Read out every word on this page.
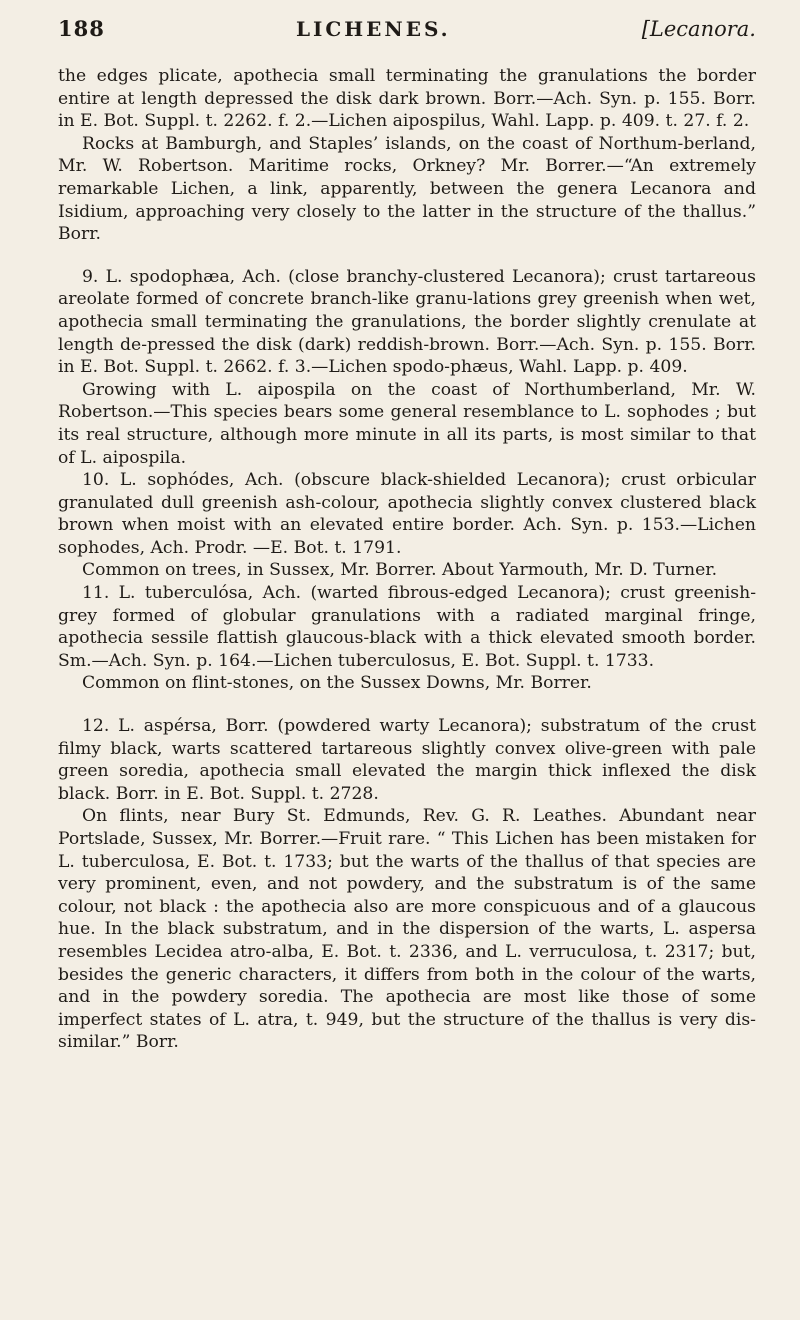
188	LICHENES.	[Lecanora.

the edges plicate, apothecia small terminating the granulations the border entire at length depressed the disk dark brown. Borr.—Ach. Syn. p. 155. Borr. in E. Bot. Suppl. t. 2262. f. 2.—Lichen aipospilus, Wahl. Lapp. p. 409. t. 27. f. 2.

Rocks at Bamburgh, and Staples’ islands, on the coast of Northum-berland, Mr. W. Robertson. Maritime rocks, Orkney? Mr. Borrer.—“An extremely remarkable Lichen, a link, apparently, between the genera Lecanora and Isidium, approaching very closely to the latter in the structure of the thallus.” Borr.

9. L. spodophæa, Ach. (close branchy-clustered Lecanora); crust tartareous areolate formed of concrete branch-like granu-lations grey greenish when wet, apothecia small terminating the granulations, the border slightly crenulate at length de-pressed the disk (dark) reddish-brown. Borr.—Ach. Syn. p. 155. Borr. in E. Bot. Suppl. t. 2662. f. 3.—Lichen spodo-phæus, Wahl. Lapp. p. 409.

Growing with L. aipospila on the coast of Northumberland, Mr. W. Robertson.—This species bears some general resemblance to L. sophodes ; but its real structure, although more minute in all its parts, is most similar to that of L. aipospila.

10. L. sophódes, Ach. (obscure black-shielded Lecanora); crust orbicular granulated dull greenish ash-colour, apothecia slightly convex clustered black brown when moist with an elevated entire border. Ach. Syn. p. 153.—Lichen sophodes, Ach. Prodr. —E. Bot. t. 1791.

Common on trees, in Sussex, Mr. Borrer. About Yarmouth, Mr. D. Turner.

11. L. tuberculósa, Ach. (warted fibrous-edged Lecanora); crust greenish-grey formed of globular granulations with a radiated marginal fringe, apothecia sessile flattish glaucous-black with a thick elevated smooth border. Sm.—Ach. Syn. p. 164.—Lichen tuberculosus, E. Bot. Suppl. t. 1733.

Common on flint-stones, on the Sussex Downs, Mr. Borrer.

12. L. aspérsa, Borr. (powdered warty Lecanora); substratum of the crust filmy black, warts scattered tartareous slightly convex olive-green with pale green soredia, apothecia small elevated the margin thick inflexed the disk black. Borr. in E. Bot. Suppl. t. 2728.

On flints, near Bury St. Edmunds, Rev. G. R. Leathes. Abundant near Portslade, Sussex, Mr. Borrer.—Fruit rare. “ This Lichen has been mistaken for L. tuberculosa, E. Bot. t. 1733; but the warts of the thallus of that species are very prominent, even, and not powdery, and the substratum is of the same colour, not black : the apothecia also are more conspicuous and of a glaucous hue. In the black substratum, and in the dispersion of the warts, L. aspersa resembles Lecidea atro-alba, E. Bot. t. 2336, and L. verruculosa, t. 2317; but, besides the generic characters, it differs from both in the colour of the warts, and in the powdery soredia. The apothecia are most like those of some imperfect states of L. atra, t. 949, but the structure of the thallus is very dis-similar.” Borr.
